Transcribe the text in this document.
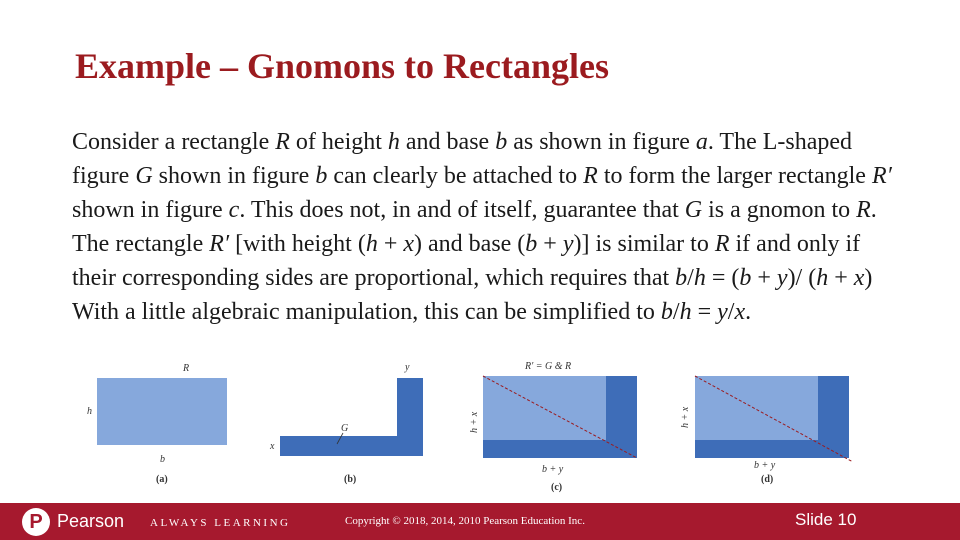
Example – Gnomons to Rectangles
Consider a rectangle R of height h and base b as shown in figure a. The L-shaped figure G shown in figure b can clearly be attached to R to form the larger rectangle R′ shown in figure c. This does not, in and of itself, guarantee that G is a gnomon to R. The rectangle R′ [with height (h + x) and base (b + y)] is similar to R if and only if their corresponding sides are proportional, which requires that b/h = (b + y)/ (h + x) With a little algebraic manipulation, this can be simplified to b/h = y/x.
R
h
b
(a)
y
x
G
(b)
R′ = G & R
h + x
b + y
(c)
h + x
b + y
(d)
P Pearson ALWAYS LEARNING	Copyright © 2018, 2014, 2010 Pearson Education Inc.	Slide 10
